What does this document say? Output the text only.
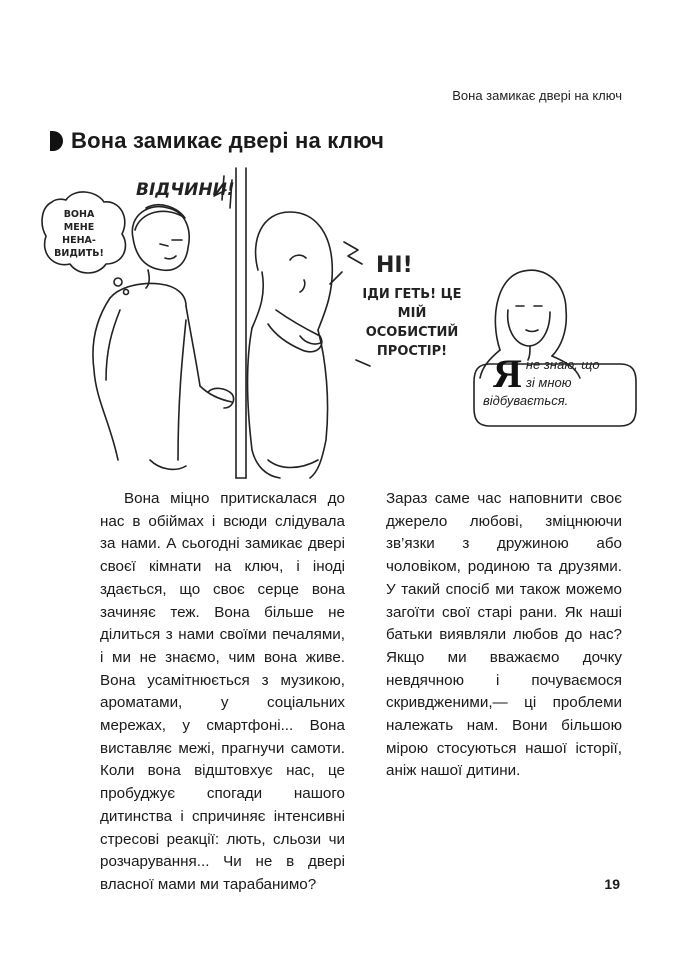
Вона замикає двері на ключ
Вона замикає двері на ключ
ВІДЧИНИ!
ВОНА МЕНЕ НЕНА- ВИДИТЬ!	НІ!
ІДИ ГЕТЬ! ЦЕ МІЙ ОСОБИСТИЙ ПРОСТІР!	Я не знаю, що зі мною відбувається.

Вона міцно притискалася до нас в обіймах і всюди слідувала за нами. А сьогодні замикає двері своєї кімнати на ключ, і іноді здається, що своє серце вона зачиняє теж. Вона більше не ділиться з нами своїми печалями, і ми не знаємо, чим вона живе. Вона усамітнюється з музикою, ароматами, у соціальних мережах, у смартфоні... Вона виставляє межі, прагнучи самоти. Коли вона відштовхує нас, це пробуджує спогади нашого дитинства і спричиняє інтенсивні стресові реакції: лють, сльози чи розчарування... Чи не в двері власної мами ми тарабанимо?

Зараз саме час наповнити своє джерело любові, зміцнюючи зв’язки з дружиною або чоловіком, родиною та друзями. У такий спосіб ми також можемо загоїти свої старі рани. Як наші батьки виявляли любов до нас? Якщо ми вважаємо дочку невдячною і почуваємося скривдженими,— ці проблеми належать нам. Вони більшою мірою стосуються нашої історії, аніж нашої дитини.

19
